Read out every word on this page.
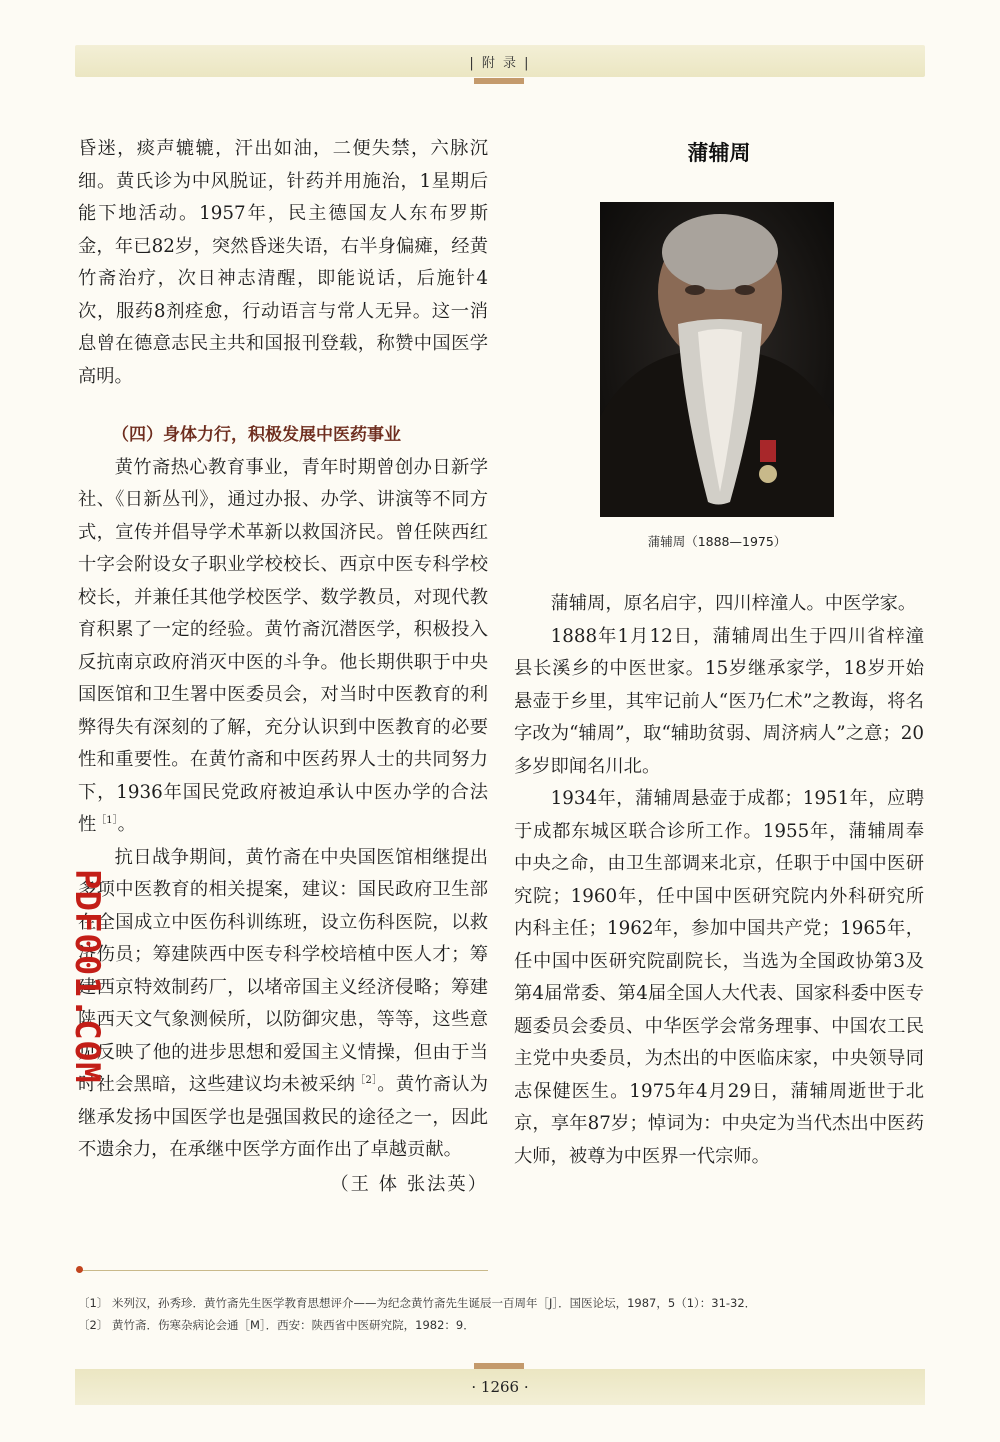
| 附 录 |

昏迷，痰声辘辘，汗出如油，二便失禁，六脉沉细。黄氏诊为中风脱证，针药并用施治，1星期后能下地活动。1957年，民主德国友人东布罗斯金，年已82岁，突然昏迷失语，右半身偏瘫，经黄竹斋治疗，次日神志清醒，即能说话，后施针4次，服药8剂痊愈，行动语言与常人无异。这一消息曾在德意志民主共和国报刊登载，称赞中国医学高明。

（四）身体力行，积极发展中医药事业

黄竹斋热心教育事业，青年时期曾创办日新学社、《日新丛刊》，通过办报、办学、讲演等不同方式，宣传并倡导学术革新以救国济民。曾任陕西红十字会附设女子职业学校校长、西京中医专科学校校长，并兼任其他学校医学、数学教员，对现代教育积累了一定的经验。黄竹斋沉潜医学，积极投入反抗南京政府消灭中医的斗争。他长期供职于中央国医馆和卫生署中医委员会，对当时中医教育的利弊得失有深刻的了解，充分认识到中医教育的必要性和重要性。在黄竹斋和中医药界人士的共同努力下，1936年国民党政府被迫承认中医办学的合法性$^{[1]}$。

抗日战争期间，黄竹斋在中央国医馆相继提出多项中医教育的相关提案，建议：国民政府卫生部在全国成立中医伤科训练班，设立伤科医院，以救济伤员；筹建陕西中医专科学校培植中医人才；筹建西京特效制药厂，以堵帝国主义经济侵略；筹建陕西天文气象测候所，以防御灾患，等等，这些意见反映了他的进步思想和爱国主义情操，但由于当时社会黑暗，这些建议均未被采纳$^{[2]}$。黄竹斋认为继承发扬中国医学也是强国救民的途径之一，因此不遗余力，在承继中医学方面作出了卓越贡献。

（王 体 张法英）

蒲辅周
蒲辅周（1888—1975）

蒲辅周，原名启宇，四川梓潼人。中医学家。

1888年1月12日，蒲辅周出生于四川省梓潼县长溪乡的中医世家。15岁继承家学，18岁开始悬壶于乡里，其牢记前人“医乃仁术”之教诲，将名字改为“辅周”，取“辅助贫弱、周济病人”之意；20多岁即闻名川北。

1934年，蒲辅周悬壶于成都；1951年，应聘于成都东城区联合诊所工作。1955年，蒲辅周奉中央之命，由卫生部调来北京，任职于中国中医研究院；1960年，任中国中医研究院内外科研究所内科主任；1962年，参加中国共产党；1965年，任中国中医研究院副院长，当选为全国政协第3及第4届常委、第4届全国人大代表、国家科委中医专题委员会委员、中华医学会常务理事、中国农工民主党中央委员，为杰出的中医临床家，中央领导同志保健医生。1975年4月29日，蒲辅周逝世于北京，享年87岁；悼词为：中央定为当代杰出中医药大师，被尊为中医界一代宗师。

PDF001.COM

〔1〕 米列汉，孙秀珍．黄竹斋先生医学教育思想评介——为纪念黄竹斋先生诞辰一百周年［J］．国医论坛，1987，5（1）：31-32．

〔2〕 黄竹斋．伤寒杂病论会通［M］．西安：陕西省中医研究院，1982：9．

· 1266 ·
